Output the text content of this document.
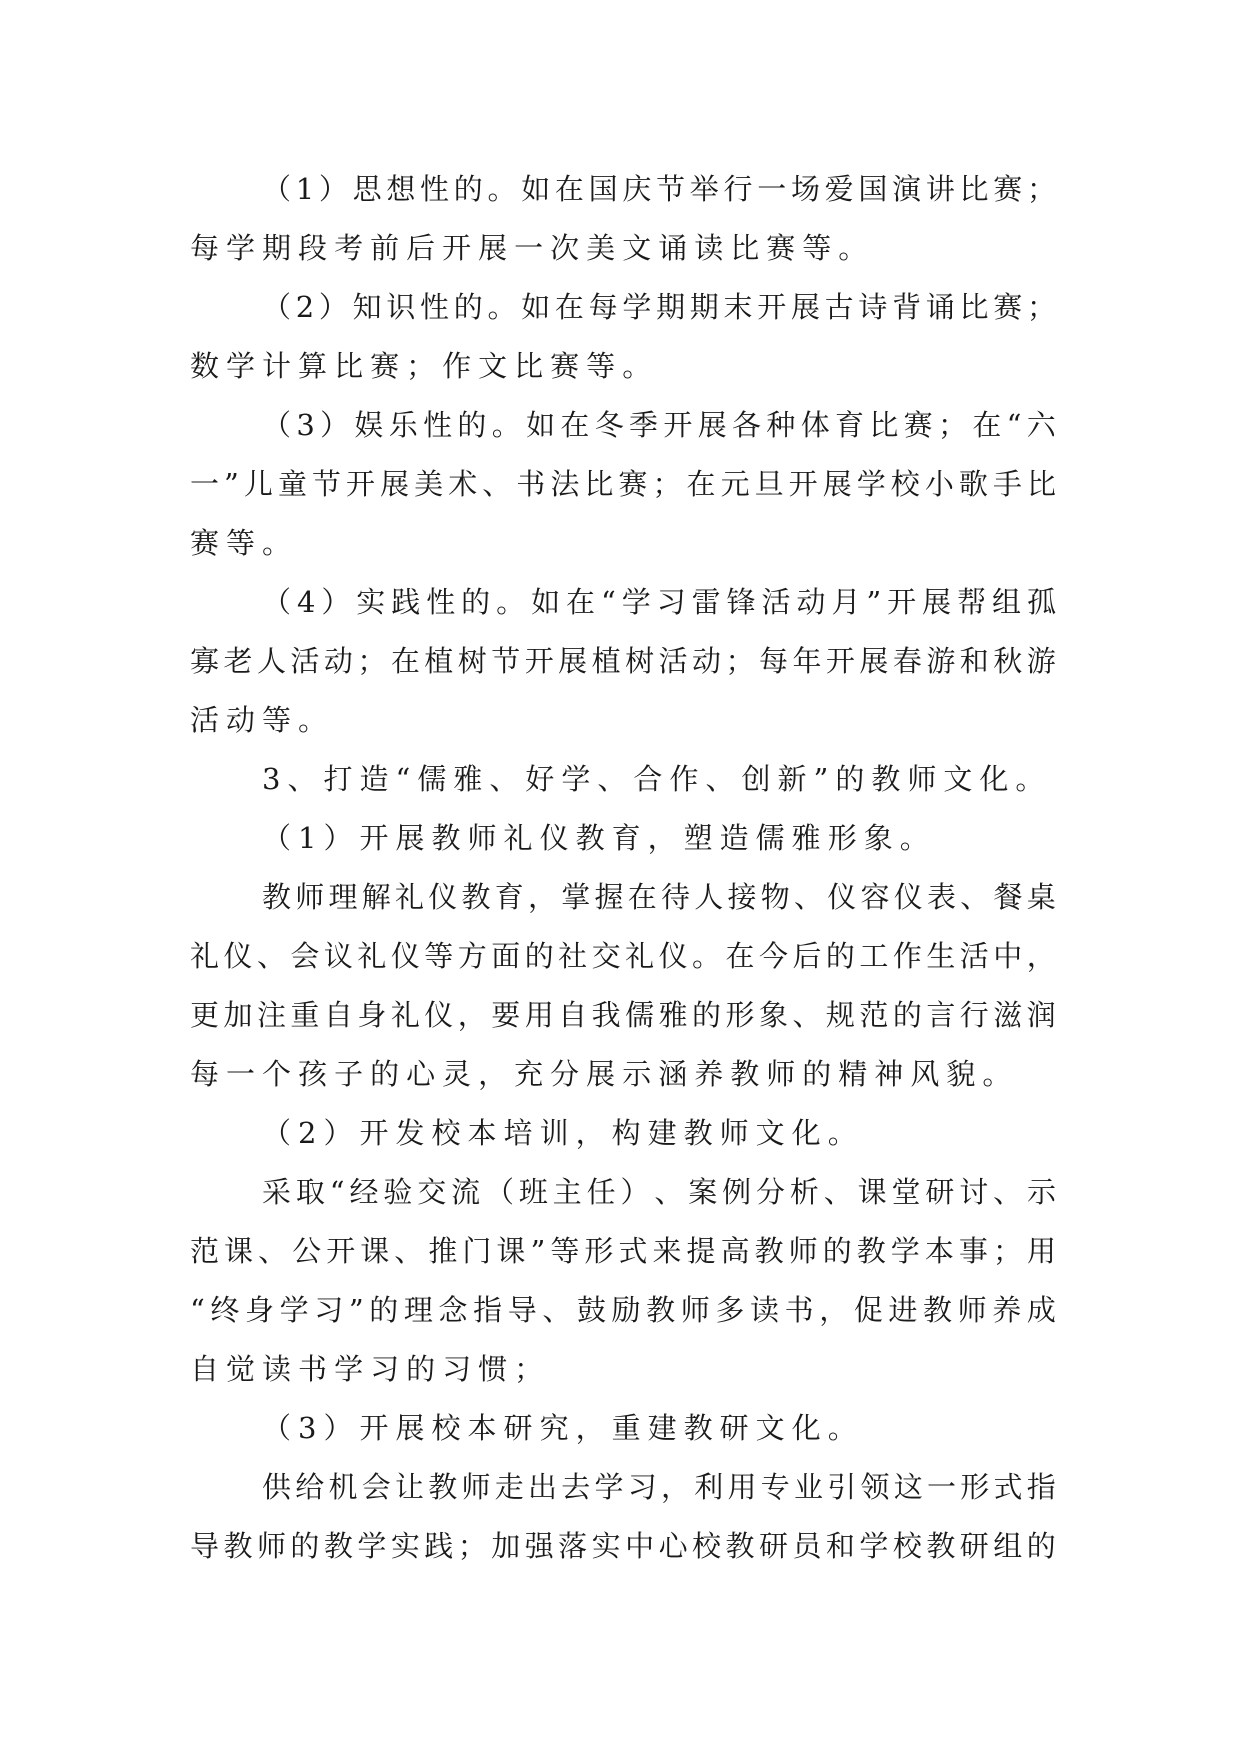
（ 1 ） 思 想 性 的 。 如 在 国 庆 节 举 行 一 场 爱 国 演 讲 比 赛 ；
每 学 期 段 考 前 后 开 展 一 次 美 文 诵 读 比 赛 等 。
（ 2 ） 知 识 性 的 。 如 在 每 学 期 期 末 开 展 古 诗 背 诵 比 赛 ；
数 学 计 算 比 赛 ； 作 文 比 赛 等 。
（ 3 ） 娱 乐 性 的 。 如 在 冬 季 开 展 各 种 体 育 比 赛 ； 在 “ 六
一 ” 儿 童 节 开 展 美 术 、 书 法 比 赛 ； 在 元 旦 开 展 学 校 小 歌 手 比
赛 等 。
（ 4 ） 实 践 性 的 。 如 在 “ 学 习 雷 锋 活 动 月 ” 开 展 帮 组 孤
寡 老 人 活 动 ； 在 植 树 节 开 展 植 树 活 动 ； 每 年 开 展 春 游 和 秋 游
活 动 等 。
3 、 打 造 “ 儒 雅 、 好 学 、 合 作 、 创 新 ” 的 教 师 文 化 。
（ 1 ） 开 展 教 师 礼 仪 教 育 ， 塑 造 儒 雅 形 象 。
教 师 理 解 礼 仪 教 育 ， 掌 握 在 待 人 接 物 、 仪 容 仪 表 、 餐 桌
礼 仪 、 会 议 礼 仪 等 方 面 的 社 交 礼 仪 。 在 今 后 的 工 作 生 活 中 ，
更 加 注 重 自 身 礼 仪 ， 要 用 自 我 儒 雅 的 形 象 、 规 范 的 言 行 滋 润
每 一 个 孩 子 的 心 灵 ， 充 分 展 示 涵 养 教 师 的 精 神 风 貌 。
（ 2 ） 开 发 校 本 培 训 ， 构 建 教 师 文 化 。
采 取 “ 经 验 交 流 （ 班 主 任 ） 、 案 例 分 析 、 课 堂 研 讨 、 示
范 课 、 公 开 课 、 推 门 课 ” 等 形 式 来 提 高 教 师 的 教 学 本 事 ； 用
“ 终 身 学 习 ” 的 理 念 指 导 、 鼓 励 教 师 多 读 书 ， 促 进 教 师 养 成
自 觉 读 书 学 习 的 习 惯 ；
（ 3 ） 开 展 校 本 研 究 ， 重 建 教 研 文 化 。
供 给 机 会 让 教 师 走 出 去 学 习 ， 利 用 专 业 引 领 这 一 形 式 指
导 教 师 的 教 学 实 践 ； 加 强 落 实 中 心 校 教 研 员 和 学 校 教 研 组 的
